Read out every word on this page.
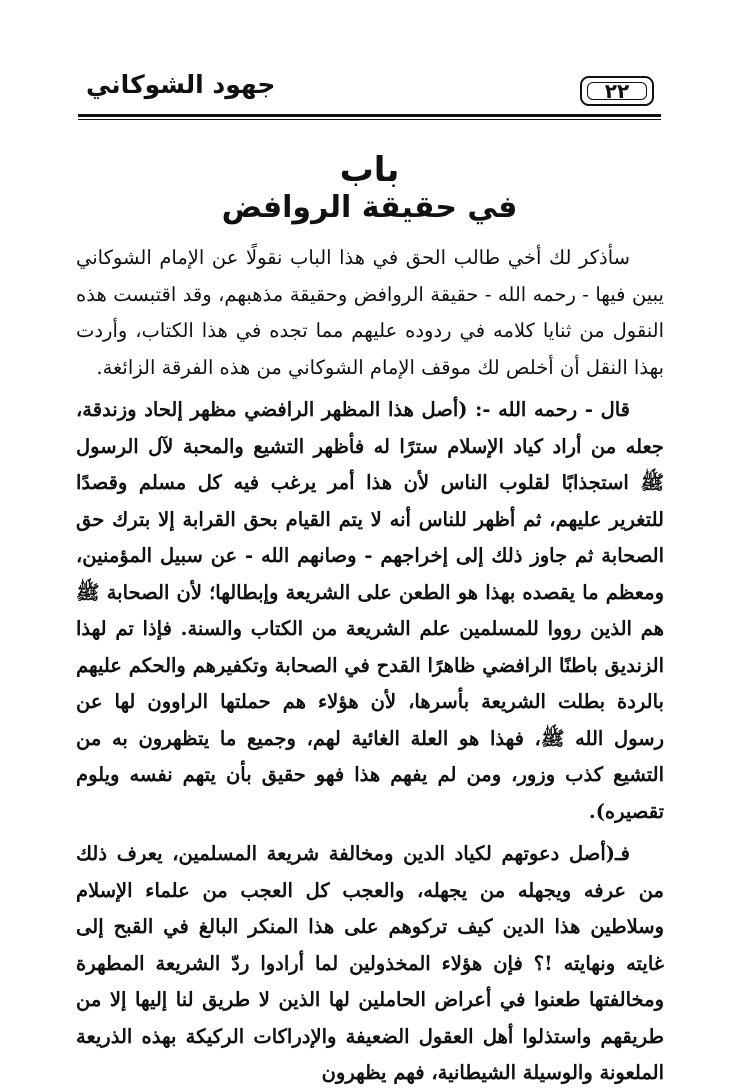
جهود الشوكاني	٢٢
باب
في حقيقة الروافض

سأذكر لك أخي طالب الحق في هذا الباب نقولًا عن الإمام الشوكاني يبين فيها - رحمه الله - حقيقة الروافض وحقيقة مذهبهم، وقد اقتبست هذه النقول من ثنايا كلامه في ردوده عليهم مما تجده في هذا الكتاب، وأردت بهذا النقل أن أخلص لك موقف الإمام الشوكاني من هذه الفرقة الزائغة.

قال - رحمه الله -: (أصل هذا المظهر الرافضي مظهر إلحاد وزندقة، جعله من أراد كياد الإسلام سترًا له فأظهر التشيع والمحبة لآل الرسول ﷺ استجذابًا لقلوب الناس لأن هذا أمر يرغب فيه كل مسلم وقصدًا للتغرير عليهم، ثم أظهر للناس أنه لا يتم القيام بحق القرابة إلا بترك حق الصحابة ثم جاوز ذلك إلى إخراجهم - وصانهم الله - عن سبيل المؤمنين، ومعظم ما يقصده بهذا هو الطعن على الشريعة وإبطالها؛ لأن الصحابة ﷺ هم الذين رووا للمسلمين علم الشريعة من الكتاب والسنة. فإذا تم لهذا الزنديق باطنًا الرافضي ظاهرًا القدح في الصحابة وتكفيرهم والحكم عليهم بالردة بطلت الشريعة بأسرها، لأن هؤلاء هم حملتها الراوون لها عن رسول الله ﷺ، فهذا هو العلة الغائية لهم، وجميع ما يتظهرون به من التشيع كذب وزور، ومن لم يفهم هذا فهو حقيق بأن يتهم نفسه ويلوم تقصيره).

فـ(أصل دعوتهم لكياد الدين ومخالفة شريعة المسلمين، يعرف ذلك من عرفه ويجهله من يجهله، والعجب كل العجب من علماء الإسلام وسلاطين هذا الدين كيف تركوهم على هذا المنكر البالغ في القبح إلى غايته ونهايته !؟ فإن هؤلاء المخذولين لما أرادوا ردّ الشريعة المطهرة ومخالفتها طعنوا في أعراض الحاملين لها الذين لا طريق لنا إليها إلا من طريقهم واستذلوا أهل العقول الضعيفة والإدراكات الركيكة بهذه الذريعة الملعونة والوسيلة الشيطانية، فهم يظهرون
